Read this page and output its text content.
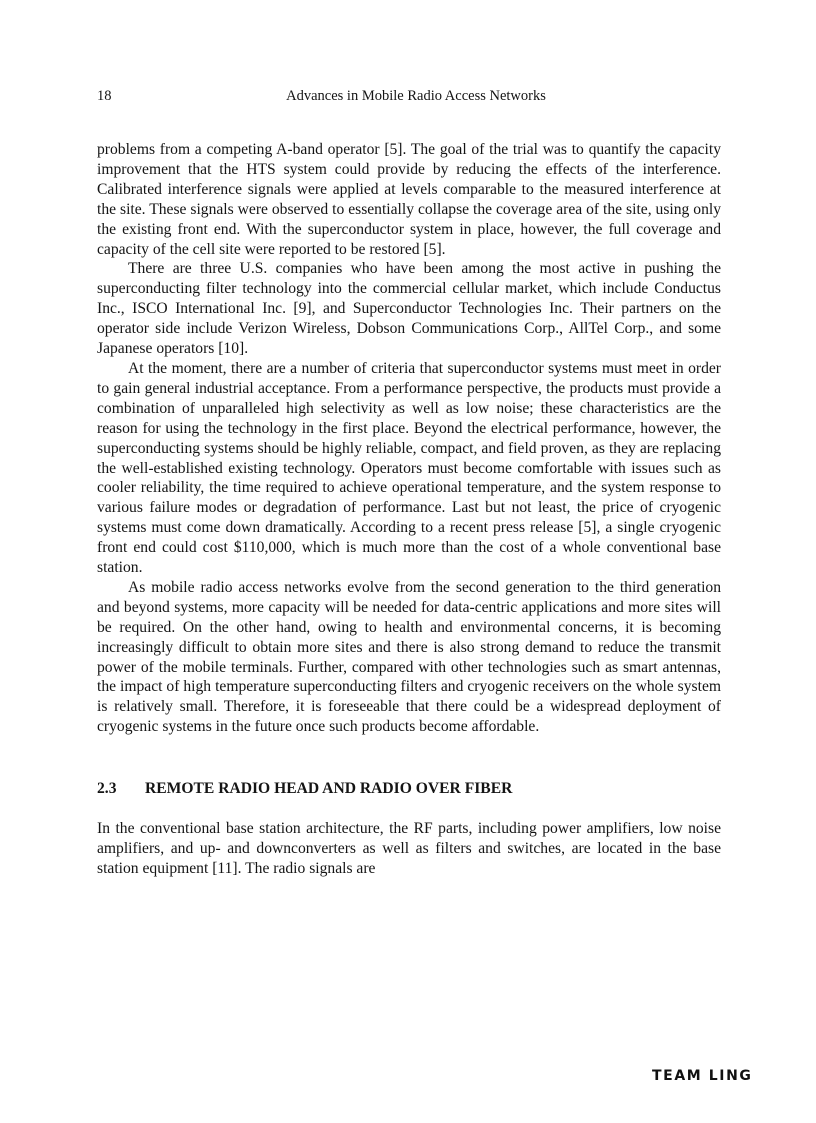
18	Advances in Mobile Radio Access Networks

problems from a competing A-band operator [5]. The goal of the trial was to quantify the capacity improvement that the HTS system could provide by reducing the effects of the interference. Calibrated interference signals were applied at levels comparable to the measured interference at the site. These signals were observed to essentially collapse the coverage area of the site, using only the existing front end. With the superconductor system in place, however, the full coverage and capacity of the cell site were reported to be restored [5].

There are three U.S. companies who have been among the most active in pushing the superconducting filter technology into the commercial cellular market, which include Conductus Inc., ISCO International Inc. [9], and Superconductor Technologies Inc. Their partners on the operator side include Verizon Wireless, Dobson Communications Corp., AllTel Corp., and some Japanese operators [10].

At the moment, there are a number of criteria that superconductor systems must meet in order to gain general industrial acceptance. From a performance perspective, the products must provide a combination of unparalleled high selectivity as well as low noise; these characteristics are the reason for using the technology in the first place. Beyond the electrical performance, however, the superconducting systems should be highly reliable, compact, and field proven, as they are replacing the well-established existing technology. Operators must become comfortable with issues such as cooler reliability, the time required to achieve operational temperature, and the system response to various failure modes or degradation of performance. Last but not least, the price of cryogenic systems must come down dramatically. According to a recent press release [5], a single cryogenic front end could cost $110,000, which is much more than the cost of a whole conventional base station.

As mobile radio access networks evolve from the second generation to the third generation and beyond systems, more capacity will be needed for data-centric applications and more sites will be required. On the other hand, owing to health and environmental concerns, it is becoming increasingly difficult to obtain more sites and there is also strong demand to reduce the transmit power of the mobile terminals. Further, compared with other technologies such as smart antennas, the impact of high temperature superconducting filters and cryogenic receivers on the whole system is relatively small. Therefore, it is foreseeable that there could be a widespread deployment of cryogenic systems in the future once such products become affordable.

2.3 REMOTE RADIO HEAD AND RADIO OVER FIBER

In the conventional base station architecture, the RF parts, including power amplifiers, low noise amplifiers, and up- and downconverters as well as filters and switches, are located in the base station equipment [11]. The radio signals are

TEAM LING
